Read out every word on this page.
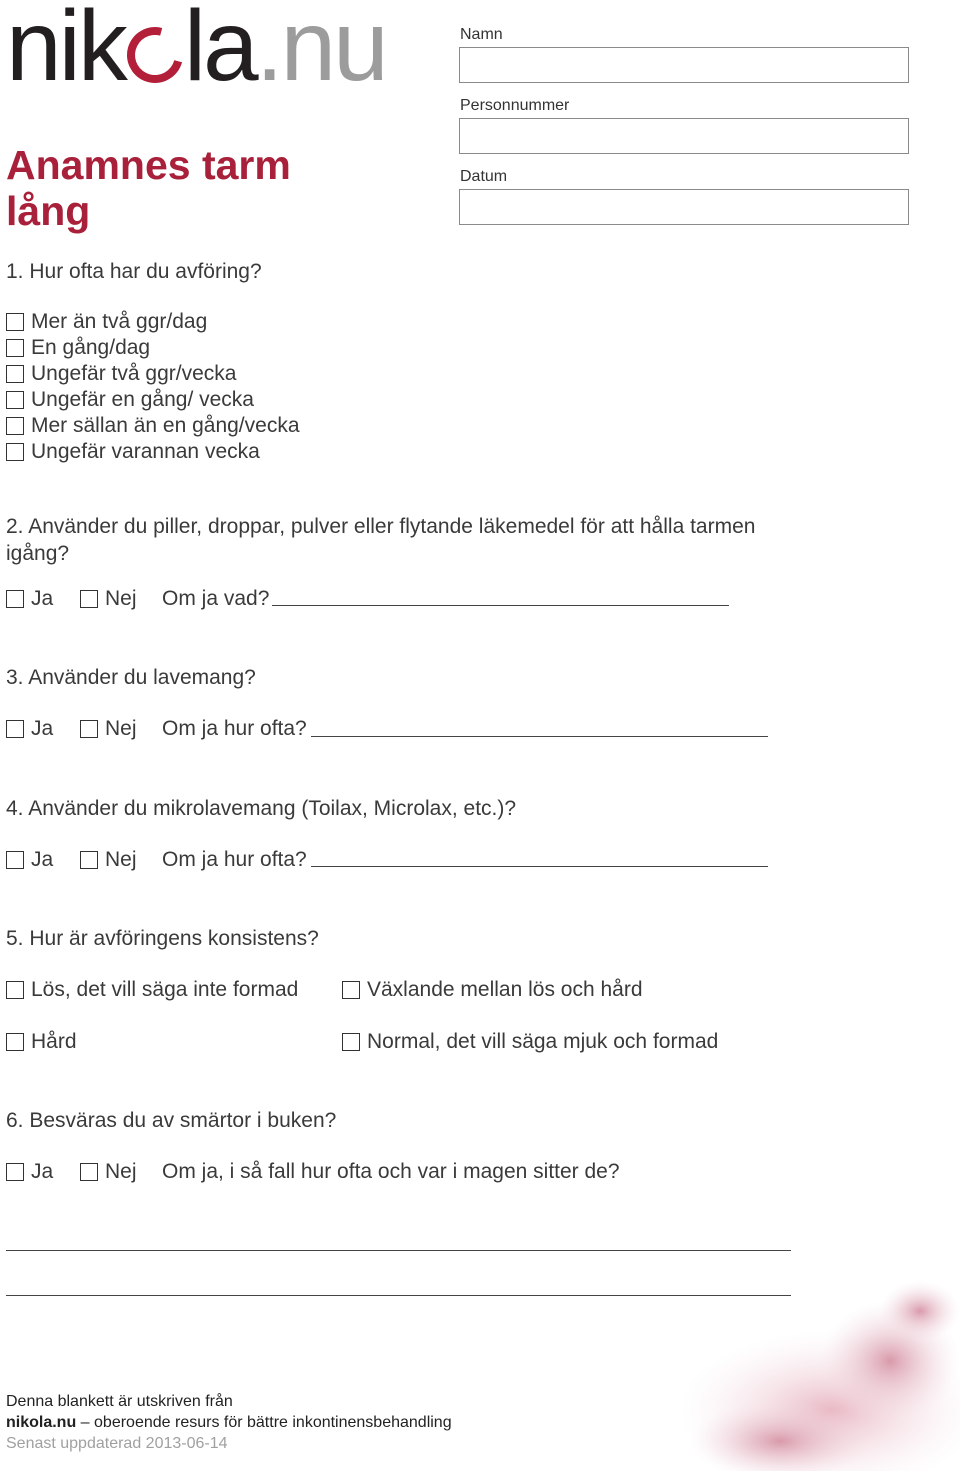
nik la.nu
Anamnes tarm
lång
Namn
Personnummer
Datum
1. Hur ofta har du avföring?
Mer än två ggr/dag
En gång/dag
Ungefär två ggr/vecka
Ungefär en gång/ vecka
Mer sällan än en gång/vecka
Ungefär varannan vecka
2. Använder du piller, droppar, pulver eller flytande läkemedel för att hålla tarmen igång?
Ja Nej Om ja vad?
3. Använder du lavemang?
Ja Nej Om ja hur ofta?
4. Använder du mikrolavemang (Toilax, Microlax, etc.)?
Ja Nej Om ja hur ofta?
5. Hur är avföringens konsistens?
Lös, det vill säga inte formad	Växlande mellan lös och hård
Hård	Normal, det vill säga mjuk och formad
6. Besväras du av smärtor i buken?
Ja Nej Om ja, i så fall hur ofta och var i magen sitter de?
Denna blankett är utskriven från
nikola.nu – oberoende resurs för bättre inkontinensbehandling
Senast uppdaterad 2013-06-14
